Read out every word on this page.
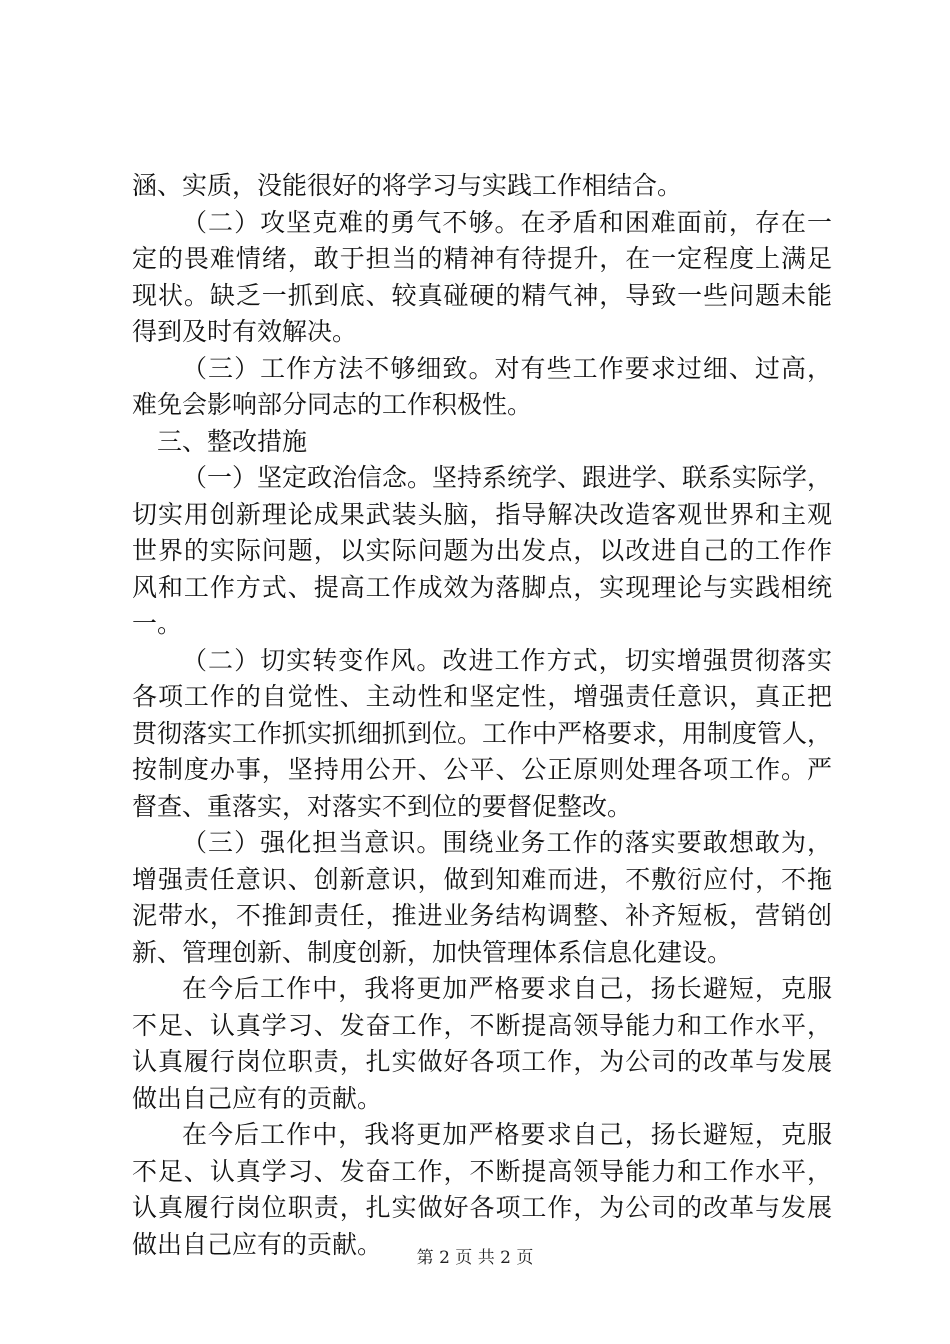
涵、实质，没能很好的将学习与实践工作相结合。
（二）攻坚克难的勇气不够。在矛盾和困难面前，存在一
定的畏难情绪，敢于担当的精神有待提升，在一定程度上满足
现状。缺乏一抓到底、较真碰硬的精气神，导致一些问题未能
得到及时有效解决。
（三）工作方法不够细致。对有些工作要求过细、过高，
难免会影响部分同志的工作积极性。
三、整改措施
（一）坚定政治信念。坚持系统学、跟进学、联系实际学，
切实用创新理论成果武装头脑，指导解决改造客观世界和主观
世界的实际问题，以实际问题为出发点，以改进自己的工作作
风和工作方式、提高工作成效为落脚点，实现理论与实践相统
一。
（二）切实转变作风。改进工作方式，切实增强贯彻落实
各项工作的自觉性、主动性和坚定性，增强责任意识，真正把
贯彻落实工作抓实抓细抓到位。工作中严格要求，用制度管人，
按制度办事，坚持用公开、公平、公正原则处理各项工作。严
督查、重落实，对落实不到位的要督促整改。
（三）强化担当意识。围绕业务工作的落实要敢想敢为，
增强责任意识、创新意识，做到知难而进，不敷衍应付，不拖
泥带水，不推卸责任，推进业务结构调整、补齐短板，营销创
新、管理创新、制度创新，加快管理体系信息化建设。
在今后工作中，我将更加严格要求自己，扬长避短，克服
不足、认真学习、发奋工作，不断提高领导能力和工作水平，
认真履行岗位职责，扎实做好各项工作，为公司的改革与发展
做出自己应有的贡献。
在今后工作中，我将更加严格要求自己，扬长避短，克服
不足、认真学习、发奋工作，不断提高领导能力和工作水平，
认真履行岗位职责，扎实做好各项工作，为公司的改革与发展
做出自己应有的贡献。	第 2 页 共 2 页
